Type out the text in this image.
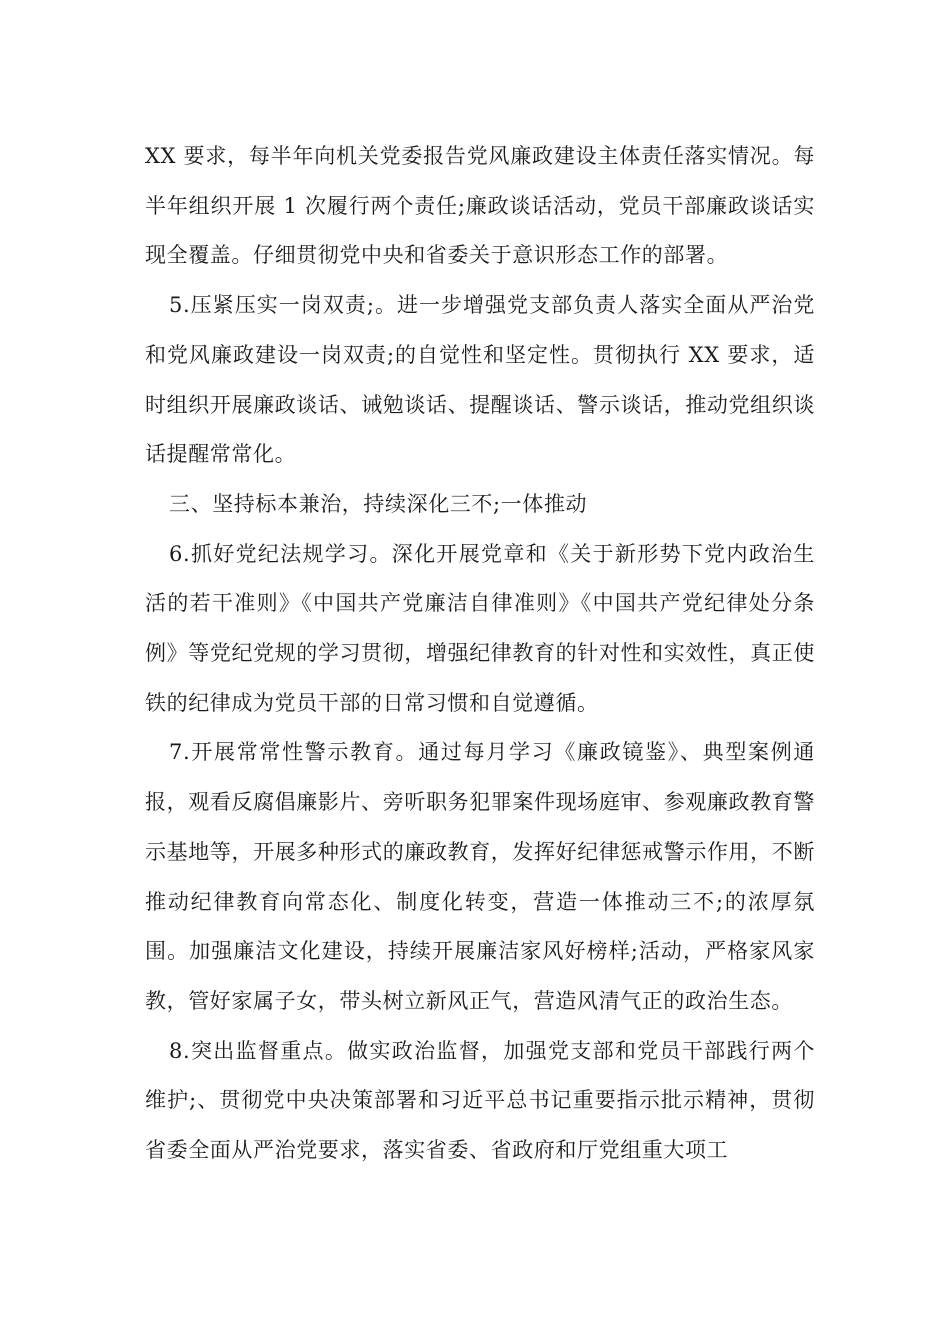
XX 要求，每半年向机关党委报告党风廉政建设主体责任落实情况。每半年组织开展 1 次履行两个责任;廉政谈话活动，党员干部廉政谈话实现全覆盖。仔细贯彻党中央和省委关于意识形态工作的部署。

5.压紧压实一岗双责;。进一步增强党支部负责人落实全面从严治党和党风廉政建设一岗双责;的自觉性和坚定性。贯彻执行 XX 要求，适时组织开展廉政谈话、诫勉谈话、提醒谈话、警示谈话，推动党组织谈话提醒常常化。

三、坚持标本兼治，持续深化三不;一体推动

6.抓好党纪法规学习。深化开展党章和《关于新形势下党内政治生活的若干准则》《中国共产党廉洁自律准则》《中国共产党纪律处分条例》等党纪党规的学习贯彻，增强纪律教育的针对性和实效性，真正使铁的纪律成为党员干部的日常习惯和自觉遵循。

7.开展常常性警示教育。通过每月学习《廉政镜鉴》、典型案例通报，观看反腐倡廉影片、旁听职务犯罪案件现场庭审、参观廉政教育警示基地等，开展多种形式的廉政教育，发挥好纪律惩戒警示作用，不断推动纪律教育向常态化、制度化转变，营造一体推动三不;的浓厚氛围。加强廉洁文化建设，持续开展廉洁家风好榜样;活动，严格家风家教，管好家属子女，带头树立新风正气，营造风清气正的政治生态。

8.突出监督重点。做实政治监督，加强党支部和党员干部践行两个维护;、贯彻党中央决策部署和习近平总书记重要指示批示精神，贯彻省委全面从严治党要求，落实省委、省政府和厅党组重大项工
